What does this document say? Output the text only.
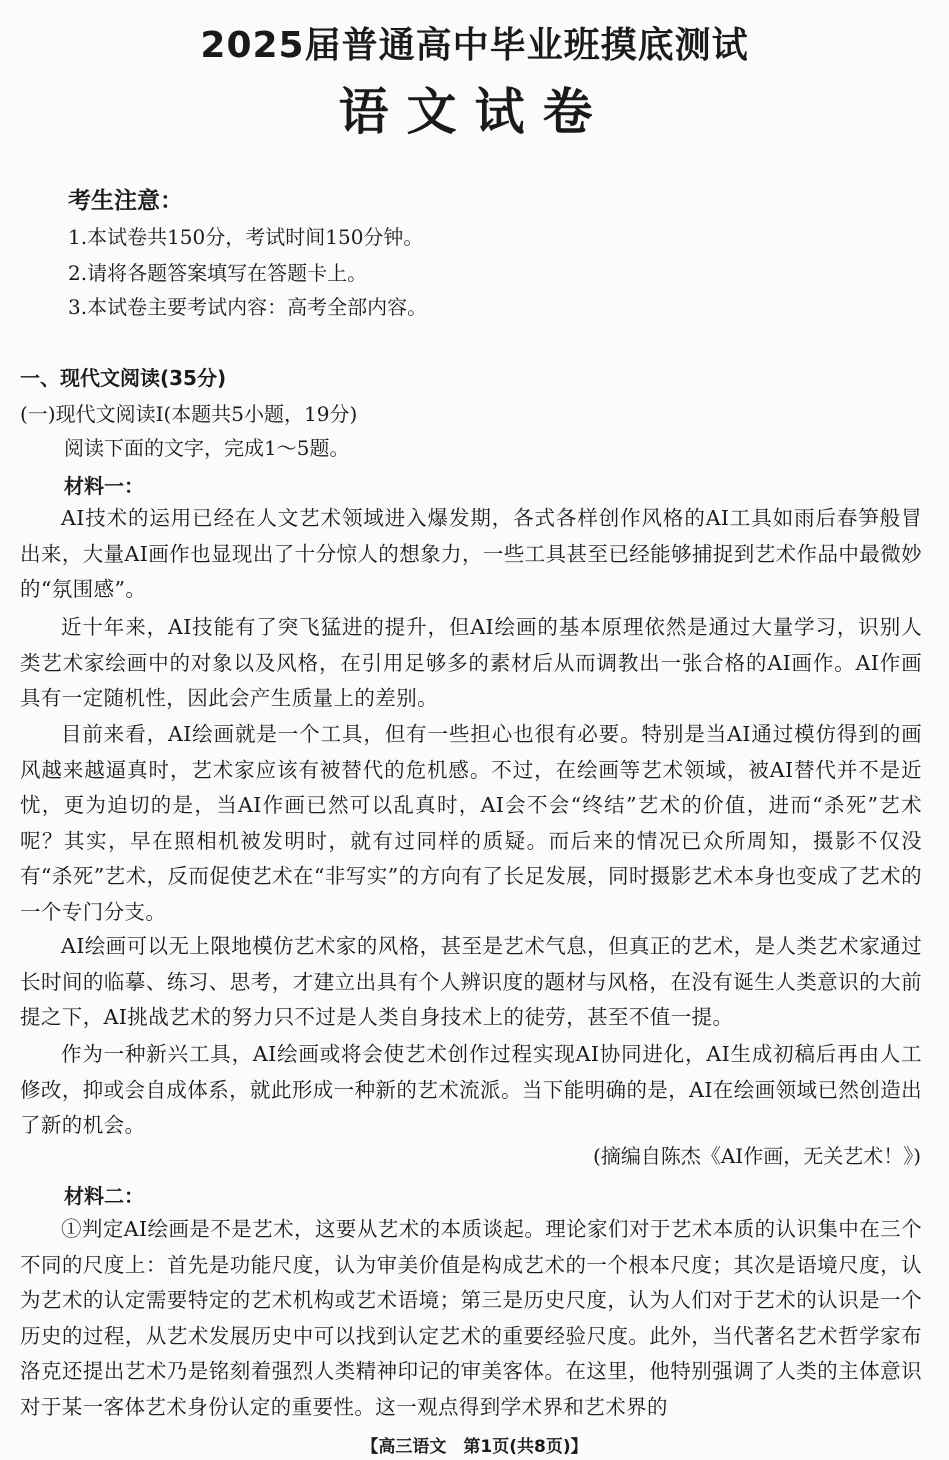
2025届普通高中毕业班摸底测试
语文试卷
考生注意：
1.本试卷共150分，考试时间150分钟。
2.请将各题答案填写在答题卡上。
3.本试卷主要考试内容：高考全部内容。
一、现代文阅读(35分)
(一)现代文阅读Ⅰ(本题共5小题，19分)
阅读下面的文字，完成1～5题。
材料一：

AI技术的运用已经在人文艺术领域进入爆发期，各式各样创作风格的AI工具如雨后春笋般冒出来，大量AI画作也显现出了十分惊人的想象力，一些工具甚至已经能够捕捉到艺术作品中最微妙的“氛围感”。

近十年来，AI技能有了突飞猛进的提升，但AI绘画的基本原理依然是通过大量学习，识别人类艺术家绘画中的对象以及风格，在引用足够多的素材后从而调教出一张合格的AI画作。AI作画具有一定随机性，因此会产生质量上的差别。

目前来看，AI绘画就是一个工具，但有一些担心也很有必要。特别是当AI通过模仿得到的画风越来越逼真时，艺术家应该有被替代的危机感。不过，在绘画等艺术领域，被AI替代并不是近忧，更为迫切的是，当AI作画已然可以乱真时，AI会不会“终结”艺术的价值，进而“杀死”艺术呢？其实，早在照相机被发明时，就有过同样的质疑。而后来的情况已众所周知，摄影不仅没有“杀死”艺术，反而促使艺术在“非写实”的方向有了长足发展，同时摄影艺术本身也变成了艺术的一个专门分支。

AI绘画可以无上限地模仿艺术家的风格，甚至是艺术气息，但真正的艺术，是人类艺术家通过长时间的临摹、练习、思考，才建立出具有个人辨识度的题材与风格，在没有诞生人类意识的大前提之下，AI挑战艺术的努力只不过是人类自身技术上的徒劳，甚至不值一提。

作为一种新兴工具，AI绘画或将会使艺术创作过程实现AI协同进化，AI生成初稿后再由人工修改，抑或会自成体系，就此形成一种新的艺术流派。当下能明确的是，AI在绘画领域已然创造出了新的机会。

(摘编自陈杰《AI作画，无关艺术！》)
材料二：

①判定AI绘画是不是艺术，这要从艺术的本质谈起。理论家们对于艺术本质的认识集中在三个不同的尺度上：首先是功能尺度，认为审美价值是构成艺术的一个根本尺度；其次是语境尺度，认为艺术的认定需要特定的艺术机构或艺术语境；第三是历史尺度，认为人们对于艺术的认识是一个历史的过程，从艺术发展历史中可以找到认定艺术的重要经验尺度。此外，当代著名艺术哲学家布洛克还提出艺术乃是铭刻着强烈人类精神印记的审美客体。在这里，他特别强调了人类的主体意识对于某一客体艺术身份认定的重要性。这一观点得到学术界和艺术界的

【高三语文　第1页(共8页)】
